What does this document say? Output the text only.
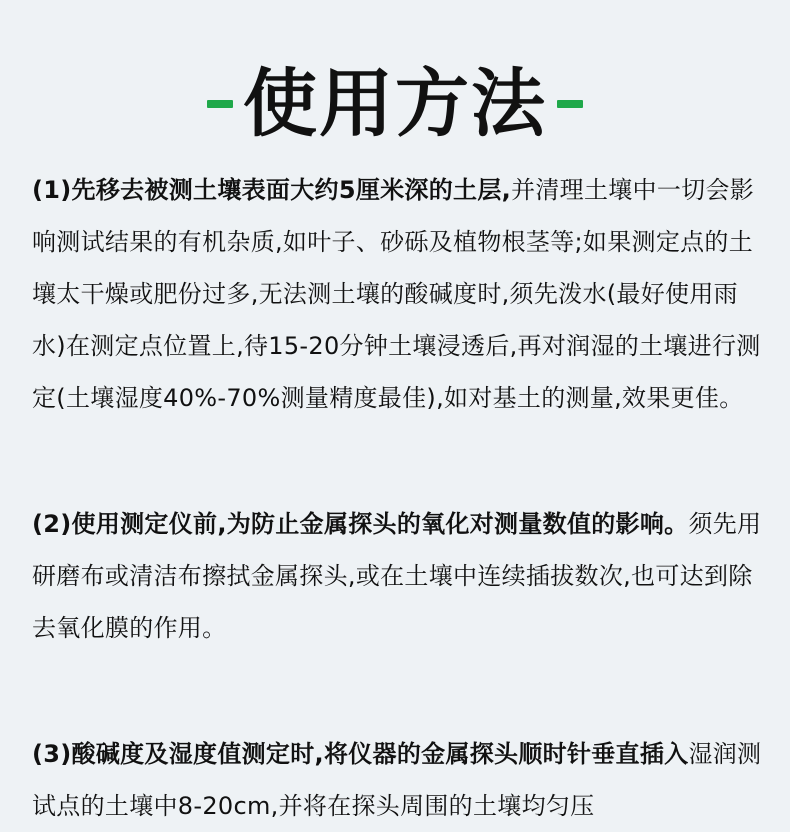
使用方法

(1)先移去被测土壤表面大约5厘米深的土层,并清理土壤中一切会影响测试结果的有机杂质,如叶子、砂砾及植物根茎等;如果测定点的土壤太干燥或肥份过多,无法测土壤的酸碱度时,须先泼水(最好使用雨水)在测定点位置上,待15-20分钟土壤浸透后,再对润湿的土壤进行测定(土壤湿度40%-70%测量精度最佳),如对基土的测量,效果更佳。

(2)使用测定仪前,为防止金属探头的氧化对测量数值的影响。须先用研磨布或清洁布擦拭金属探头,或在土壤中连续插拔数次,也可达到除去氧化膜的作用。

(3)酸碱度及湿度值测定时,将仪器的金属探头顺时针垂直插入湿润测试点的土壤中8-20cm,并将在探头周围的土壤均匀压
